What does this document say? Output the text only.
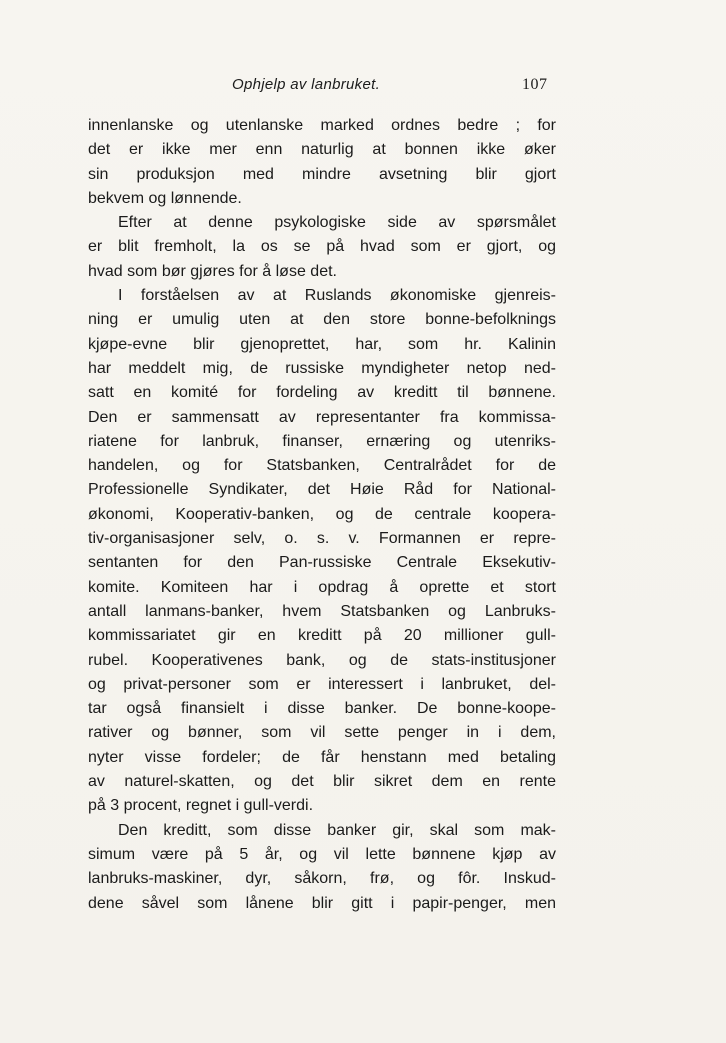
Ophjelp av lanbruket.	107
innenlanske og utenlanske marked ordnes bedre ; for
det er ikke mer enn naturlig at bonnen ikke øker
sin produksjon med mindre avsetning blir gjort
bekvem og lønnende.
Efter at denne psykologiske side av spørsmålet
er blit fremholt, la os se på hvad som er gjort, og
hvad som bør gjøres for å løse det.
I forståelsen av at Ruslands økonomiske gjenreis-
ning er umulig uten at den store bonne-befolknings
kjøpe-evne blir gjenoprettet, har, som hr. Kalinin
har meddelt mig, de russiske myndigheter netop ned-
satt en komité for fordeling av kreditt til bønnene.
Den er sammensatt av representanter fra kommissa-
riatene for lanbruk, finanser, ernæring og utenriks-
handelen, og for Statsbanken, Centralrådet for de
Professionelle Syndikater, det Høie Råd for National-
økonomi, Kooperativ-banken, og de centrale koopera-
tiv-organisasjoner selv, o. s. v. Formannen er repre-
sentanten for den Pan-russiske Centrale Eksekutiv-
komite. Komiteen har i opdrag å oprette et stort
antall lanmans-banker, hvem Statsbanken og Lanbruks-
kommissariatet gir en kreditt på 20 millioner gull-
rubel. Kooperativenes bank, og de stats-institusjoner
og privat-personer som er interessert i lanbruket, del-
tar også finansielt i disse banker. De bonne-koope-
rativer og bønner, som vil sette penger in i dem,
nyter visse fordeler; de får henstann med betaling
av naturel-skatten, og det blir sikret dem en rente
på 3 procent, regnet i gull-verdi.
Den kreditt, som disse banker gir, skal som mak-
simum være på 5 år, og vil lette bønnene kjøp av
lanbruks-maskiner, dyr, såkorn, frø, og fôr. Inskud-
dene såvel som lånene blir gitt i papir-penger, men
